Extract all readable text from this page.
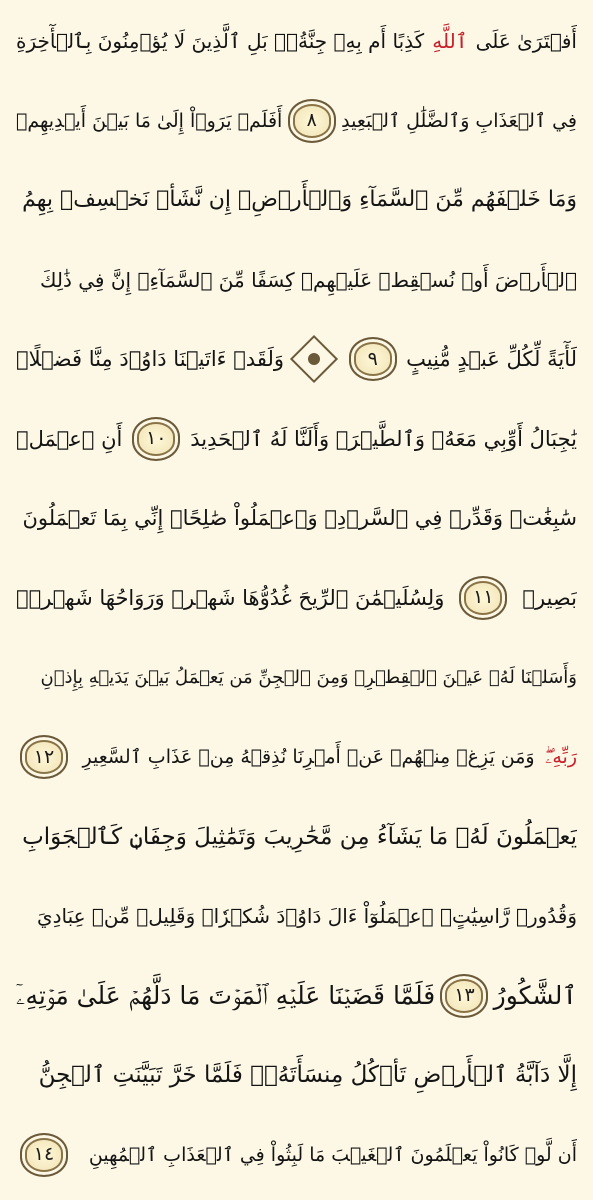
أَفۡتَرَىٰ عَلَى
ٱللَّهِ
كَذِبًا أَم بِهِۦ جِنَّةُۢۗ بَلِ ٱلَّذِينَ لَا يُؤۡمِنُونَ بِٱلۡأٓخِرَةِ
فِي ٱلۡعَذَابِ وَٱلضَّلَٰلِ ٱلۡبَعِيدِ
٨
أَفَلَمۡ يَرَوۡاْ إِلَىٰ مَا بَيۡنَ أَيۡدِيهِمۡ
وَمَا خَلۡفَهُم مِّنَ ٱلسَّمَآءِ وَٱلۡأَرۡضِۚ إِن نَّشَأۡ نَخۡسِفۡ بِهِمُ
ٱلۡأَرۡضَ أَوۡ نُسۡقِطۡ عَلَيۡهِمۡ كِسَفًا مِّنَ ٱلسَّمَآءِۚ إِنَّ فِي ذَٰلِكَ
لَأٓيَةً لِّكُلِّ عَبۡدٍ مُّنِيبٍ
٩
وَلَقَدۡ ءَاتَيۡنَا دَاوُۥدَ مِنَّا فَضۡلًاۖ
يَٰجِبَالُ أَوِّبِي مَعَهُۥ وَٱلطَّيۡرَۖ وَأَلَنَّا لَهُ ٱلۡحَدِيدَ
١٠
أَنِ ٱعۡمَلۡ
سَٰبِغَٰتٖ وَقَدِّرۡ فِي ٱلسَّرۡدِۖ وَٱعۡمَلُواْ صَٰلِحًاۖ إِنِّي بِمَا تَعۡمَلُونَ
بَصِيرٞ
١١
وَلِسُلَيۡمَٰنَ ٱلرِّيحَ غُدُوُّهَا شَهۡرٞ وَرَوَاحُهَا شَهۡرٞۖ
وَأَسَلۡنَا لَهُۥ عَيۡنَ ٱلۡقِطۡرِۖ وَمِنَ ٱلۡجِنِّ مَن يَعۡمَلُ بَيۡنَ يَدَيۡهِ بِإِذۡنِ
رَبِّهِۦۖ
وَمَن يَزِغۡ مِنۡهُمۡ عَنۡ أَمۡرِنَا نُذِقۡهُ مِنۡ عَذَابِ ٱلسَّعِيرِ
١٢
يَعۡمَلُونَ لَهُۥ مَا يَشَآءُ مِن مَّحَٰرِيبَ وَتَمَٰثِيلَ وَجِفَانٖ كَٱلۡجَوَابِ
وَقُدُورٖ رَّاسِيَٰتٍۚ ٱعۡمَلُوٓاْ ءَالَ دَاوُۥدَ شُكۡرٗاۚ وَقَلِيلٞ مِّنۡ عِبَادِيَ
ٱلشَّكُورُ
١٣
فَلَمَّا قَضَيۡنَا عَلَيۡهِ ٱلۡمَوۡتَ مَا دَلَّهُمۡ عَلَىٰ مَوۡتِهِۦٓ
إِلَّا دَآبَّةُ ٱلۡأَرۡضِ تَأۡكُلُ مِنسَأَتَهُۥۖ فَلَمَّا خَرَّ تَبَيَّنَتِ ٱلۡجِنُّ
أَن لَّوۡ كَانُواْ يَعۡلَمُونَ ٱلۡغَيۡبَ مَا لَبِثُواْ فِي ٱلۡعَذَابِ ٱلۡمُهِينِ
١٤
